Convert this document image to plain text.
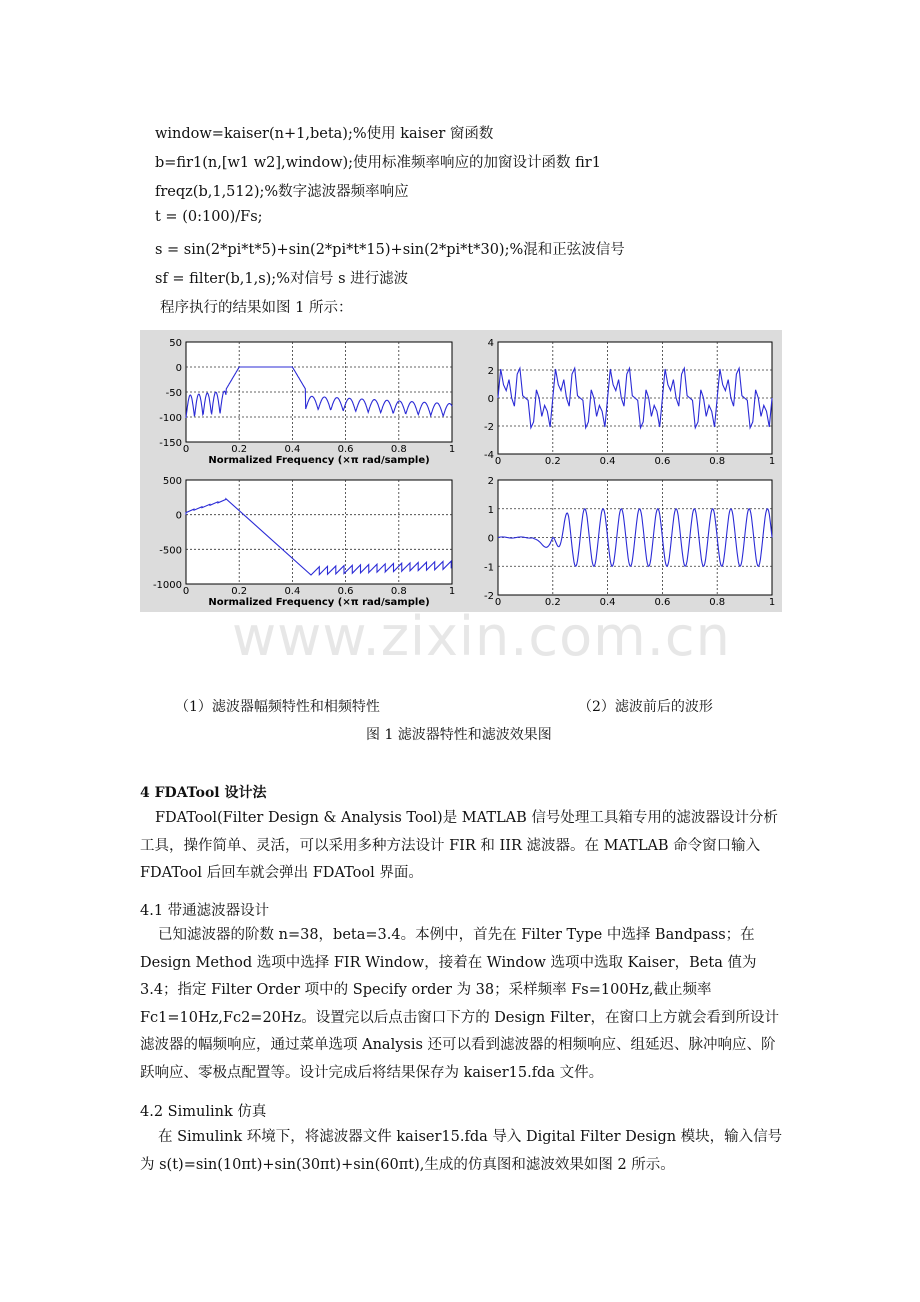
window=kaiser(n+1,beta);%使用 kaiser 窗函数
b=fir1(n,[w1 w2],window);使用标准频率响应的加窗设计函数 fir1
freqz(b,1,512);%数字滤波器频率响应
t = (0:100)/Fs;
s = sin(2*pi*t*5)+sin(2*pi*t*15)+sin(2*pi*t*30);%混和正弦波信号
sf = filter(b,1,s);%对信号 s 进行滤波
程序执行的结果如图 1 所示：
0	0.2	0.4	0.6	0.8	1
50
0
-50
-100
-150
Normalized Frequency (×π rad/sample)	0	0.2	0.4	0.6	0.8	1
4
2
0
-2
-4
0	0.2	0.4	0.6	0.8	1
500
0
-500
-1000
Normalized Frequency (×π rad/sample)	0	0.2	0.4	0.6	0.8	1
2
1
0
-1
-2
www.zixin.com.cn
（1）滤波器幅频特性和相频特性	（2）滤波前后的波形
图 1 滤波器特性和滤波效果图
4 FDATool 设计法
FDATool(Filter Design & Analysis Tool)是 MATLAB 信号处理工具箱专用的滤波器设计分析工具，操作简单、灵活，可以采用多种方法设计 FIR 和 IIR 滤波器。在 MATLAB 命令窗口输入 FDATool 后回车就会弹出 FDATool 界面。
4.1 带通滤波器设计
已知滤波器的阶数 n=38，beta=3.4。本例中，首先在 Filter Type 中选择 Bandpass；在 Design Method 选项中选择 FIR Window，接着在 Window 选项中选取 Kaiser，Beta 值为 3.4；指定 Filter Order 项中的 Specify order 为 38；采样频率 Fs=100Hz,截止频率 Fc1=10Hz,Fc2=20Hz。设置完以后点击窗口下方的 Design Filter，在窗口上方就会看到所设计滤波器的幅频响应，通过菜单选项 Analysis 还可以看到滤波器的相频响应、组延迟、脉冲响应、阶跃响应、零极点配置等。设计完成后将结果保存为 kaiser15.fda 文件。
4.2 Simulink 仿真
在 Simulink 环境下，将滤波器文件 kaiser15.fda 导入 Digital Filter Design 模块，输入信号为 s(t)=sin(10πt)+sin(30πt)+sin(60πt),生成的仿真图和滤波效果如图 2 所示。
